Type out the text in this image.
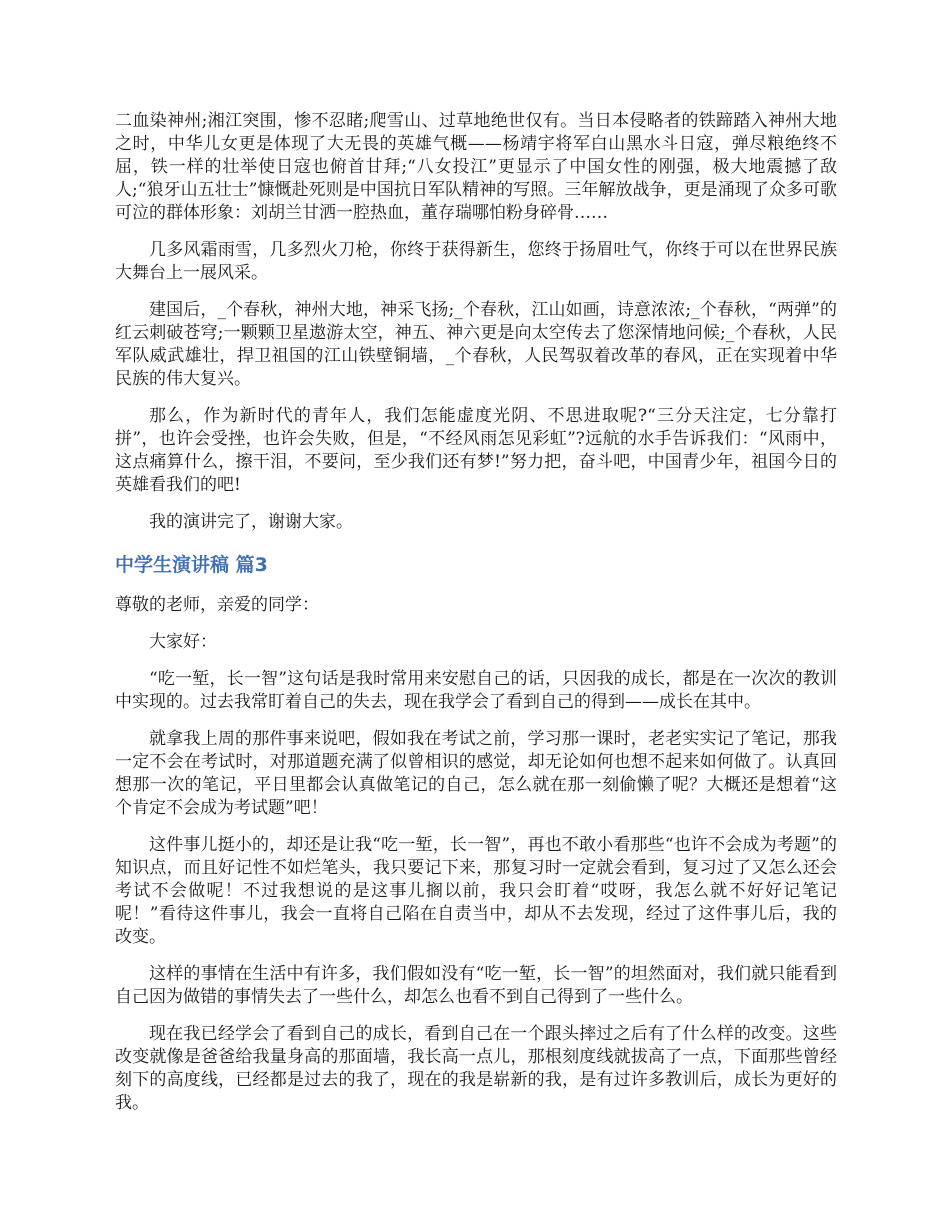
二血染神州;湘江突围，惨不忍睹;爬雪山、过草地绝世仅有。当日本侵略者的铁蹄踏入神州大地之时，中华儿女更是体现了大无畏的英雄气概——杨靖宇将军白山黑水斗日寇，弹尽粮绝终不屈，铁一样的壮举使日寇也俯首甘拜;“八女投江”更显示了中国女性的刚强，极大地震撼了敌人;“狼牙山五壮士”慷慨赴死则是中国抗日军队精神的写照。三年解放战争，更是涌现了众多可歌可泣的群体形象：刘胡兰甘洒一腔热血，董存瑞哪怕粉身碎骨……

几多风霜雨雪，几多烈火刀枪，你终于获得新生，您终于扬眉吐气，你终于可以在世界民族大舞台上一展风采。

建国后，_个春秋，神州大地，神采飞扬;_个春秋，江山如画，诗意浓浓;_个春秋，“两弹”的红云刺破苍穹;一颗颗卫星遨游太空，神五、神六更是向太空传去了您深情地问候;_个春秋，人民军队威武雄壮，捍卫祖国的江山铁壁铜墙，_个春秋，人民驾驭着改革的春风，正在实现着中华民族的伟大复兴。

那么，作为新时代的青年人，我们怎能虚度光阴、不思进取呢?“三分天注定，七分靠打拼”，也许会受挫，也许会失败，但是，“不经风雨怎见彩虹”?远航的水手告诉我们：“风雨中，这点痛算什么，擦干泪，不要问，至少我们还有梦!”努力把，奋斗吧，中国青少年，祖国今日的英雄看我们的吧!

我的演讲完了，谢谢大家。

中学生演讲稿 篇3

尊敬的老师，亲爱的同学：

大家好：

“吃一堑，长一智”这句话是我时常用来安慰自己的话，只因我的成长，都是在一次次的教训中实现的。过去我常盯着自己的失去，现在我学会了看到自己的得到——成长在其中。

就拿我上周的那件事来说吧，假如我在考试之前，学习那一课时，老老实实记了笔记，那我一定不会在考试时，对那道题充满了似曾相识的感觉，却无论如何也想不起来如何做了。认真回想那一次的笔记，平日里都会认真做笔记的自己，怎么就在那一刻偷懒了呢？大概还是想着“这个肯定不会成为考试题”吧！

这件事儿挺小的，却还是让我“吃一堑，长一智”，再也不敢小看那些“也许不会成为考题”的知识点，而且好记性不如烂笔头，我只要记下来，那复习时一定就会看到，复习过了又怎么还会考试不会做呢！不过我想说的是这事儿搁以前，我只会盯着“哎呀，我怎么就不好好记笔记呢！”看待这件事儿，我会一直将自己陷在自责当中，却从不去发现，经过了这件事儿后，我的改变。

这样的事情在生活中有许多，我们假如没有“吃一堑，长一智”的坦然面对，我们就只能看到自己因为做错的事情失去了一些什么，却怎么也看不到自己得到了一些什么。

现在我已经学会了看到自己的成长，看到自己在一个跟头摔过之后有了什么样的改变。这些改变就像是爸爸给我量身高的那面墙，我长高一点儿，那根刻度线就拔高了一点，下面那些曾经刻下的高度线，已经都是过去的我了，现在的我是崭新的我，是有过许多教训后，成长为更好的我。
